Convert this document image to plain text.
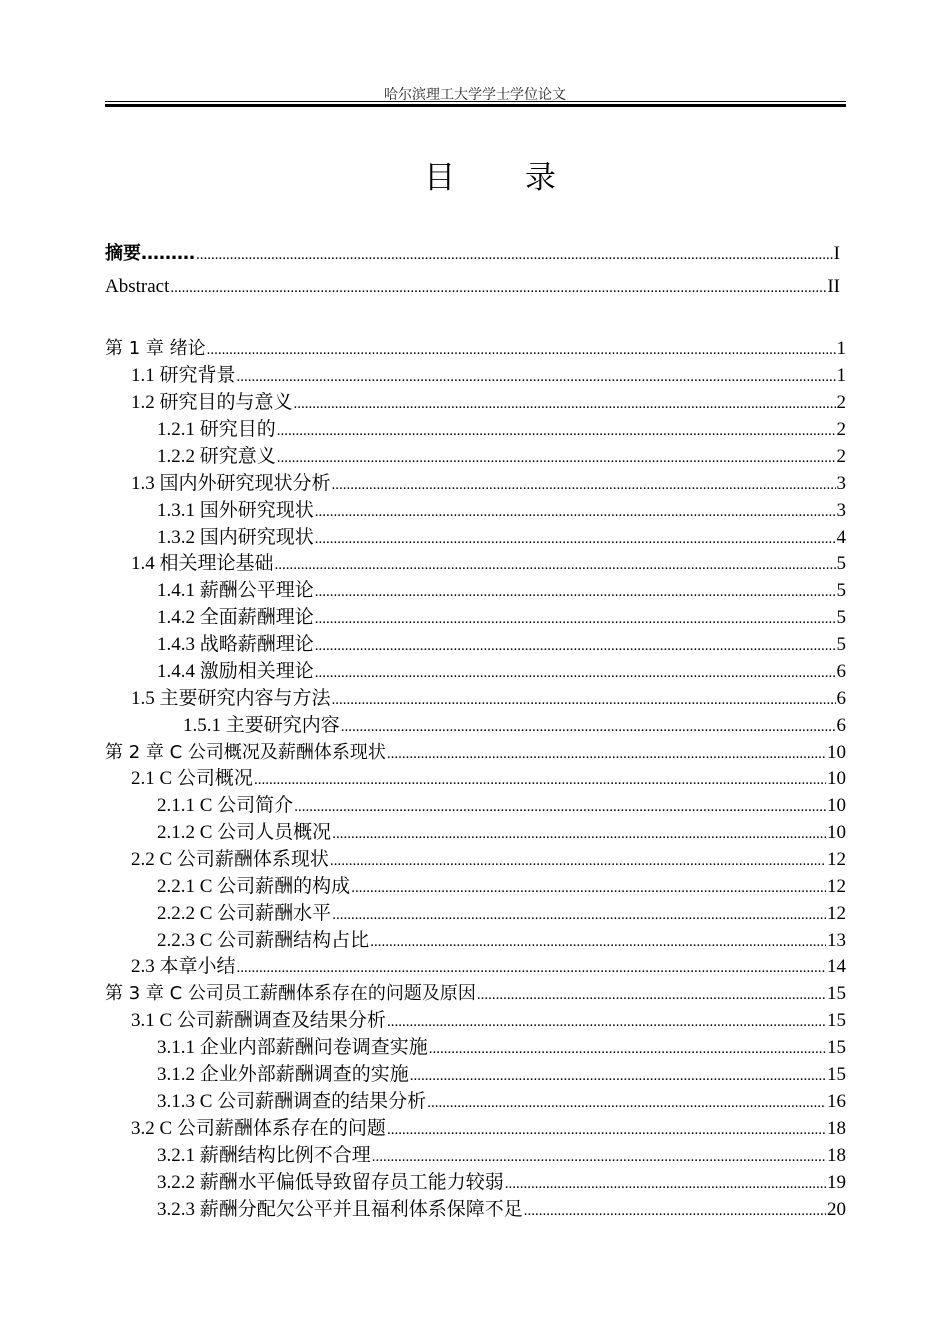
哈尔滨理工大学学士学位论文
目 录
摘要……… .....	I
Abstract .....	II
第 1 章 绪论 .....	1
1.1 研究背景 .....	1
1.2 研究目的与意义 .....	2
1.2.1 研究目的 .....	2
1.2.2 研究意义 .....	2
1.3 国内外研究现状分析 .....	3
1.3.1 国外研究现状 .....	3
1.3.2 国内研究现状 .....	4
1.4 相关理论基础 .....	5
1.4.1 薪酬公平理论 .....	5
1.4.2 全面薪酬理论 .....	5
1.4.3 战略薪酬理论 .....	5
1.4.4 激励相关理论 .....	6
1.5 主要研究内容与方法 .....	6
1.5.1 主要研究内容 .....	6
第 2 章 C 公司概况及薪酬体系现状 .....	10
2.1 C 公司概况 .....	10
2.1.1 C 公司简介 .....	10
2.1.2 C 公司人员概况 .....	10
2.2 C 公司薪酬体系现状 .....	12
2.2.1 C 公司薪酬的构成 .....	12
2.2.2 C 公司薪酬水平 .....	12
2.2.3 C 公司薪酬结构占比 .....	13
2.3 本章小结 .....	14
第 3 章 C 公司员工薪酬体系存在的问题及原因 .....	15
3.1 C 公司薪酬调查及结果分析 .....	15
3.1.1 企业内部薪酬问卷调查实施 .....	15
3.1.2 企业外部薪酬调查的实施 .....	15
3.1.3 C 公司薪酬调查的结果分析 .....	16
3.2 C 公司薪酬体系存在的问题 .....	18
3.2.1 薪酬结构比例不合理 .....	18
3.2.2 薪酬水平偏低导致留存员工能力较弱 .....	19
3.2.3 薪酬分配欠公平并且福利体系保障不足 .....	20
